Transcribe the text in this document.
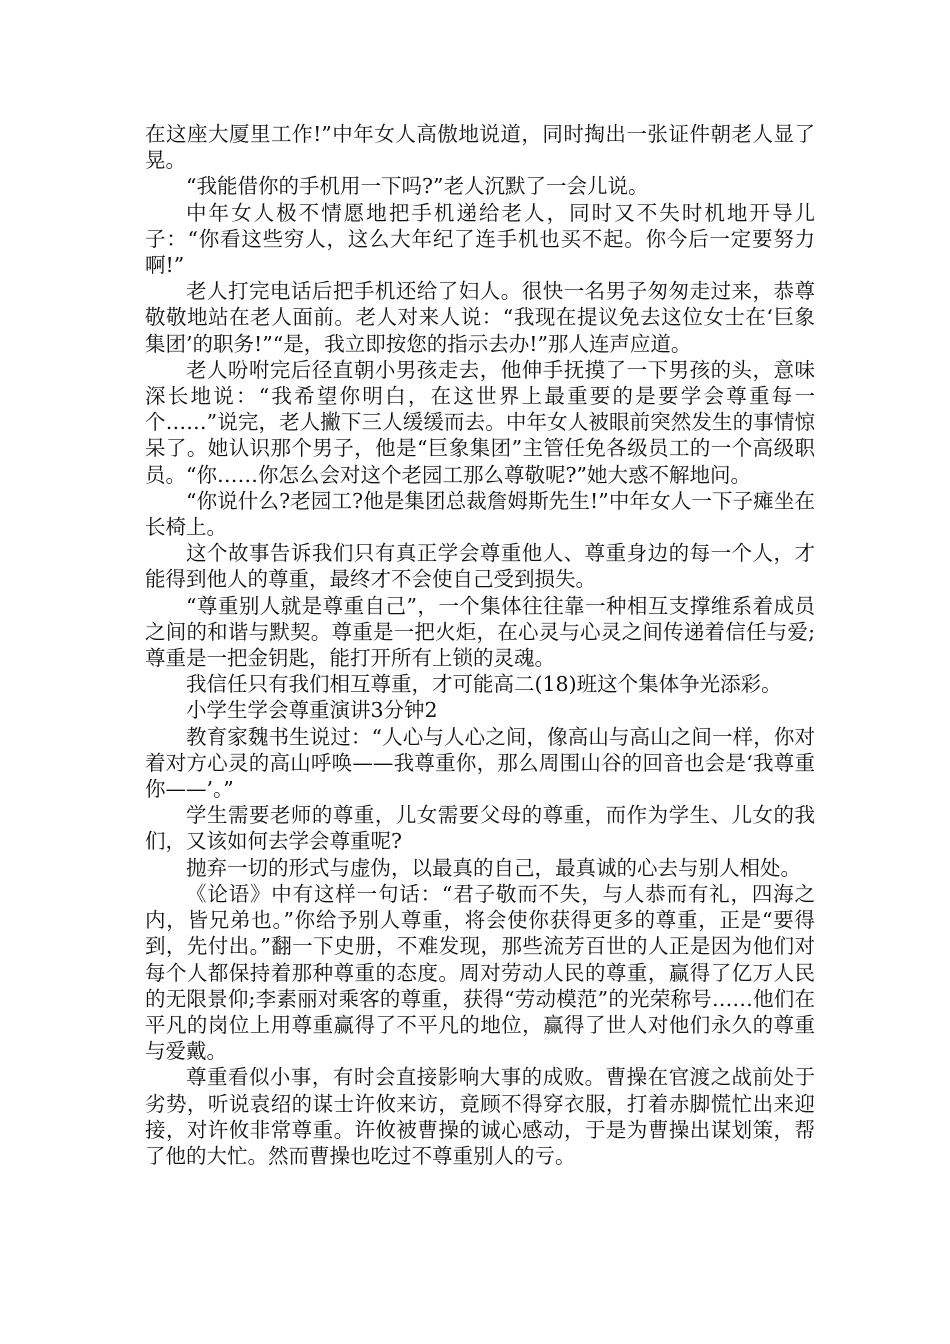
在这座大厦里工作!”中年女人高傲地说道，同时掏出一张证件朝老人显了晃。

“我能借你的手机用一下吗?”老人沉默了一会儿说。

中年女人极不情愿地把手机递给老人，同时又不失时机地开导儿子：“你看这些穷人，这么大年纪了连手机也买不起。你今后一定要努力啊!”

老人打完电话后把手机还给了妇人。很快一名男子匆匆走过来，恭尊敬敬地站在老人面前。老人对来人说：“我现在提议免去这位女士在‘巨象集团’的职务!”“是，我立即按您的指示去办!”那人连声应道。

老人吩咐完后径直朝小男孩走去，他伸手抚摸了一下男孩的头，意味深长地说：“我希望你明白，在这世界上最重要的是要学会尊重每一个……”说完，老人撇下三人缓缓而去。中年女人被眼前突然发生的事情惊呆了。她认识那个男子，他是“巨象集团”主管任免各级员工的一个高级职员。“你……你怎么会对这个老园工那么尊敬呢?”她大惑不解地问。

“你说什么?老园工?他是集团总裁詹姆斯先生!”中年女人一下子瘫坐在长椅上。

这个故事告诉我们只有真正学会尊重他人、尊重身边的每一个人，才能得到他人的尊重，最终才不会使自己受到损失。

“尊重别人就是尊重自己”，一个集体往往靠一种相互支撑维系着成员之间的和谐与默契。尊重是一把火炬，在心灵与心灵之间传递着信任与爱;尊重是一把金钥匙，能打开所有上锁的灵魂。

我信任只有我们相互尊重，才可能高二(18)班这个集体争光添彩。

小学生学会尊重演讲3分钟2

教育家魏书生说过：“人心与人心之间，像高山与高山之间一样，你对着对方心灵的高山呼唤——我尊重你，那么周围山谷的回音也会是‘我尊重你——’。”

学生需要老师的尊重，儿女需要父母的尊重，而作为学生、儿女的我们，又该如何去学会尊重呢?

抛弃一切的形式与虚伪，以最真的自己，最真诚的心去与别人相处。

《论语》中有这样一句话：“君子敬而不失，与人恭而有礼，四海之内，皆兄弟也。”你给予别人尊重，将会使你获得更多的尊重，正是“要得到，先付出。”翻一下史册，不难发现，那些流芳百世的人正是因为他们对每个人都保持着那种尊重的态度。周对劳动人民的尊重，赢得了亿万人民的无限景仰;李素丽对乘客的尊重，获得“劳动模范”的光荣称号……他们在平凡的岗位上用尊重赢得了不平凡的地位，赢得了世人对他们永久的尊重与爱戴。

尊重看似小事，有时会直接影响大事的成败。曹操在官渡之战前处于劣势，听说袁绍的谋士许攸来访，竟顾不得穿衣服，打着赤脚慌忙出来迎接，对许攸非常尊重。许攸被曹操的诚心感动，于是为曹操出谋划策，帮了他的大忙。然而曹操也吃过不尊重别人的亏。
